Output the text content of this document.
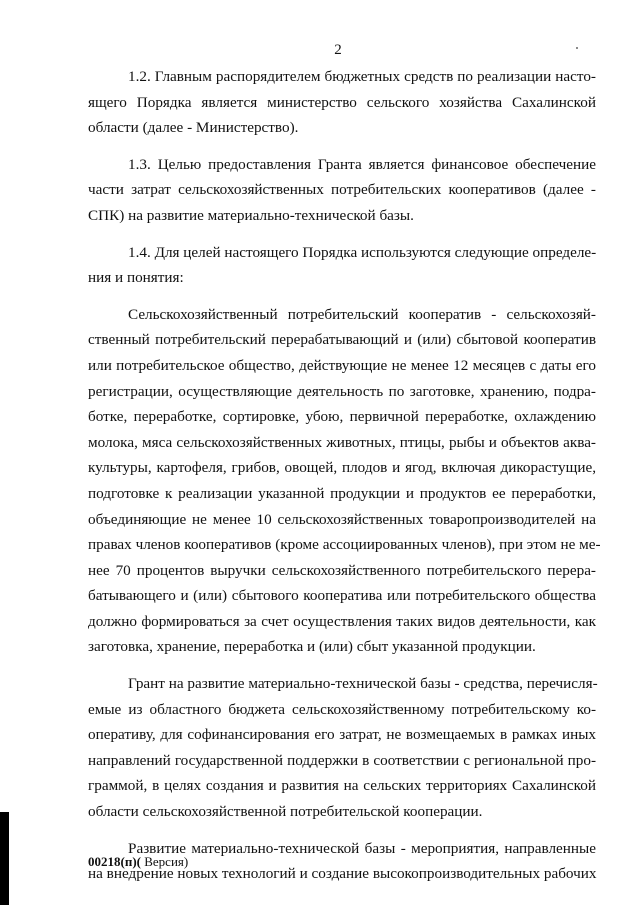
2

1.2. Главным распорядителем бюджетных средств по реализации насто-
ящего Порядка является министерство сельского хозяйства Сахалинской
области (далее - Министерство).

1.3. Целью предоставления Гранта является финансовое обеспечение
части затрат сельскохозяйственных потребительских кооперативов (далее -
СПК) на развитие материально-технической базы.

1.4. Для целей настоящего Порядка используются следующие определе-
ния и понятия:

Сельскохозяйственный потребительский кооператив - сельскохозяй-
ственный потребительский перерабатывающий и (или) сбытовой кооператив
или потребительское общество, действующие не менее 12 месяцев с даты его
регистрации, осуществляющие деятельность по заготовке, хранению, подра-
ботке, переработке, сортировке, убою, первичной переработке, охлаждению
молока, мяса сельскохозяйственных животных, птицы, рыбы и объектов аква-
культуры, картофеля, грибов, овощей, плодов и ягод, включая дикорастущие,
подготовке к реализации указанной продукции и продуктов ее переработки,
объединяющие не менее 10 сельскохозяйственных товаропроизводителей на
правах членов кооперативов (кроме ассоциированных членов), при этом не ме-
нее 70 процентов выручки сельскохозяйственного потребительского перера-
батывающего и (или) сбытового кооператива или потребительского общества
должно формироваться за счет осуществления таких видов деятельности, как
заготовка, хранение, переработка и (или) сбыт указанной продукции.

Грант на развитие материально-технической базы - средства, перечисля-
емые из областного бюджета сельскохозяйственному потребительскому ко-
оперативу, для софинансирования его затрат, не возмещаемых в рамках иных
направлений государственной поддержки в соответствии с региональной про-
граммой, в целях создания и развития на сельских территориях Сахалинской
области сельскохозяйственной потребительской кооперации.

Развитие материально-технической базы - мероприятия, направленные
на внедрение новых технологий и создание высокопроизводительных рабочих

00218(п)( Версия)
